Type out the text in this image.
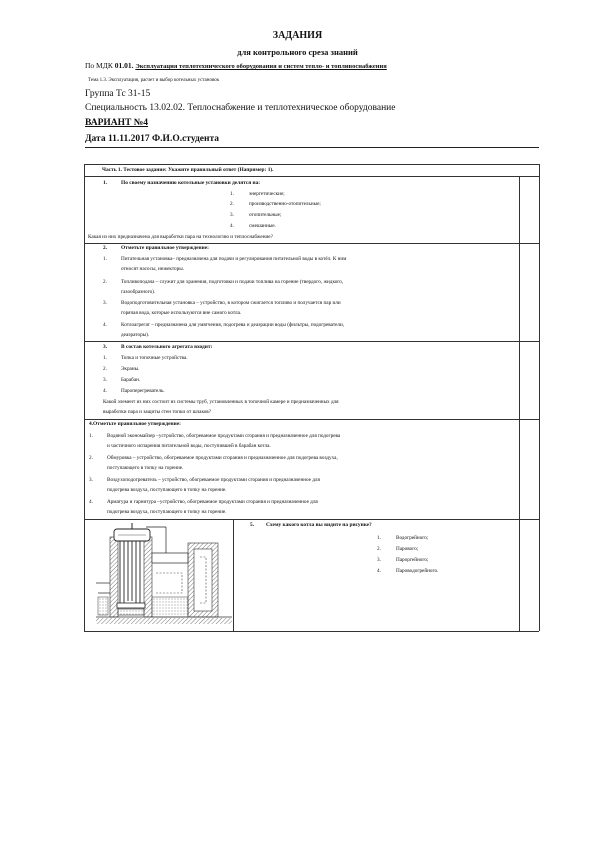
ЗАДАНИЯ
для контрольного среза знаний
По МДК 01.01. Эксплуатация теплотехнического оборудования и систем тепло- и топливоснабжения
Тема 1.3. Эксплуатация, расчет и выбор котельных установок
Группа Тс 31-15
Специальность 13.02.02. Теплоснабжение и теплотехническое оборудование
ВАРИАНТ №4
Дата 11.11.2017 Ф.И.О.студента
Часть 1. Тестовое задание: Укажите правильный ответ (Например: 1).
1.	По своему назначению котельные установки делятся на:
1.	энергетические;
2.	производственно-отопительные;
3.	отопительные;
4.	смешанные.
Какая из них предназначена для выработки пара на технологию и теплоснабжение?
2.	Отметьте правильное утверждение:
1.	Питательная установка– предназначена для подачи и регулирования питательной воды в котёл. К ним
относят насосы, инжекторы.
2.	Топливоподача – служит для хранения, подготовки и подачи топлива на горение (твердого, жидкого,
газообразного).
3.	Водоподготовительная установка – устройство, в котором сжигается топливо и получается пар или
горячая вода, которые используются вне самого котла.
4.	Котлоагрегат – предназначена для умягчения, подогрева и деаэрации воды (фильтры, подогреватели,
деаэраторы).
3.	В состав котельного агрегата входит:
1.	Топка и топочные устройства.
2.	Экраны.
3.	Барабан.
4.	Пароперегреватель.
Какой элемент из них состоит из системы труб, установленных в топочной камере и предназначенных для
выработки пара и защиты стен топки от шлаков?
4.Отметьте правильное утверждение:
1.	Водяной экономайзер –устройство, обогреваемое продуктами сгорания и предназначенное для подогрева
и частичного испарения питательной воды, поступившей в барабан котла.
2.	Обмуровка – устройство, обогреваемое продуктами сгорания и предназначенное для подогрева воздуха,
поступающего в топку на горение.
3.	Воздухоподогреватель – устройство, обогреваемое продуктами сгорания и предназначенное для
подогрева воздуха, поступающего в топку на горение.
4.	Арматура и гарнитура –устройство, обогреваемое продуктами сгорания и предназначенное для
подогрева воздуха, поступающего в топку на горение.
5. Схему какого котла вы видите на рисунке?
1.	Водогрейного;
2.	Парового;
3.	Пароргейного;
4.	Пароводогрейного.
